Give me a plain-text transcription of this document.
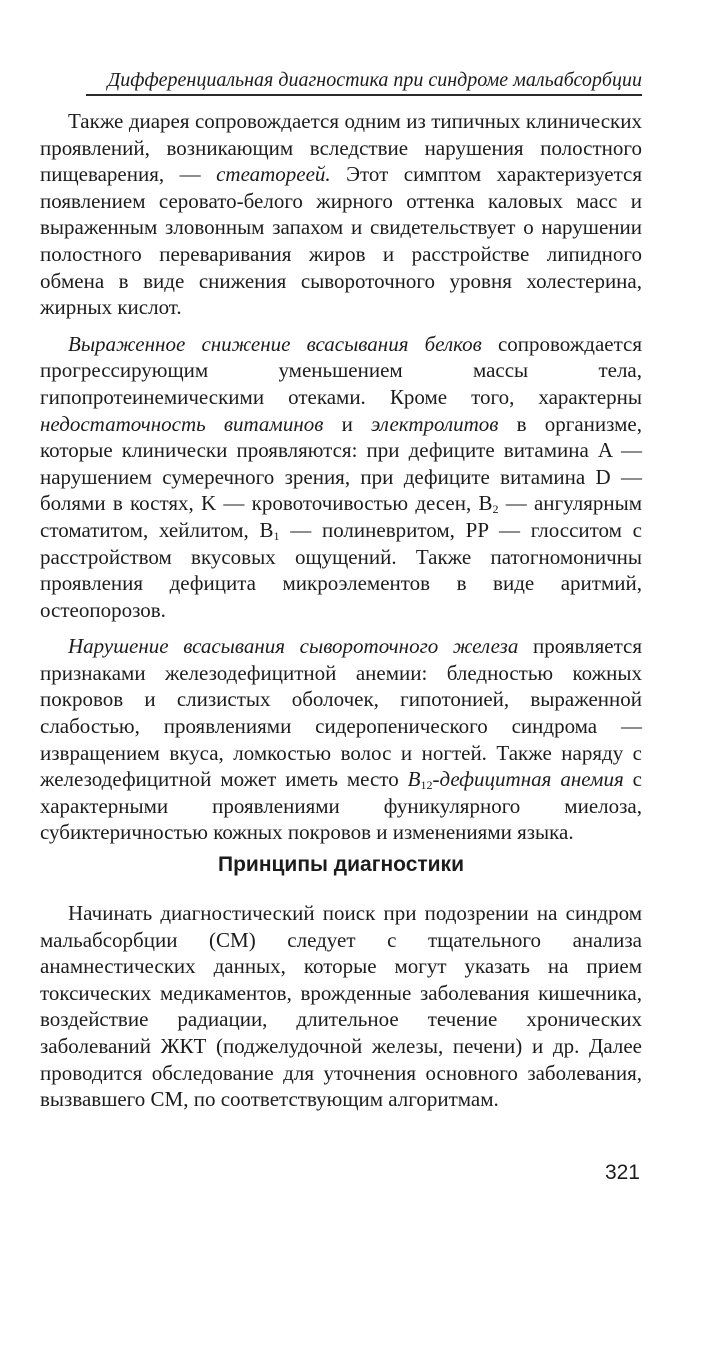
Дифференциальная диагностика при синдроме мальабсорбции

Также диарея сопровождается одним из типичных клинических проявлений, возникающим вследствие нарушения полостного пищеварения, — стеатореей. Этот симптом характеризуется появлением серовато-белого жирного оттенка каловых масс и выраженным зловонным запахом и свидетельствует о нарушении полостного переваривания жиров и расстройстве липидного обмена в виде снижения сывороточного уровня холестерина, жирных кислот.

Выраженное снижение всасывания белков сопровождается прогрессирующим уменьшением массы тела, гипопротеинемическими отеками. Кроме того, характерны недостаточность витаминов и электролитов в организме, которые клинически проявляются: при дефиците витамина A — нарушением сумеречного зрения, при дефиците витамина D — болями в костях, K — кровоточивостью десен, $B_2$ — ангулярным стоматитом, хейлитом, $B_1$ — полиневритом, PP — глосситом с расстройством вкусовых ощущений. Также патогномоничны проявления дефицита микроэлементов в виде аритмий, остеопорозов.

Нарушение всасывания сывороточного железа проявляется признаками железодефицитной анемии: бледностью кожных покровов и слизистых оболочек, гипотонией, выраженной слабостью, проявлениями сидеропенического синдрома — извращением вкуса, ломкостью волос и ногтей. Также наряду с железодефицитной может иметь место $B_{12}$-дефицитная анемия с характерными проявлениями фуникулярного миелоза, субиктеричностью кожных покровов и изменениями языка.

Принципы диагностики

Начинать диагностический поиск при подозрении на синдром мальабсорбции (СМ) следует с тщательного анализа анамнестических данных, которые могут указать на прием токсических медикаментов, врожденные заболевания кишечника, воздействие радиации, длительное течение хронических заболеваний ЖКТ (поджелудочной железы, печени) и др. Далее проводится обследование для уточнения основного заболевания, вызвавшего СМ, по соответствующим алгоритмам.

321
